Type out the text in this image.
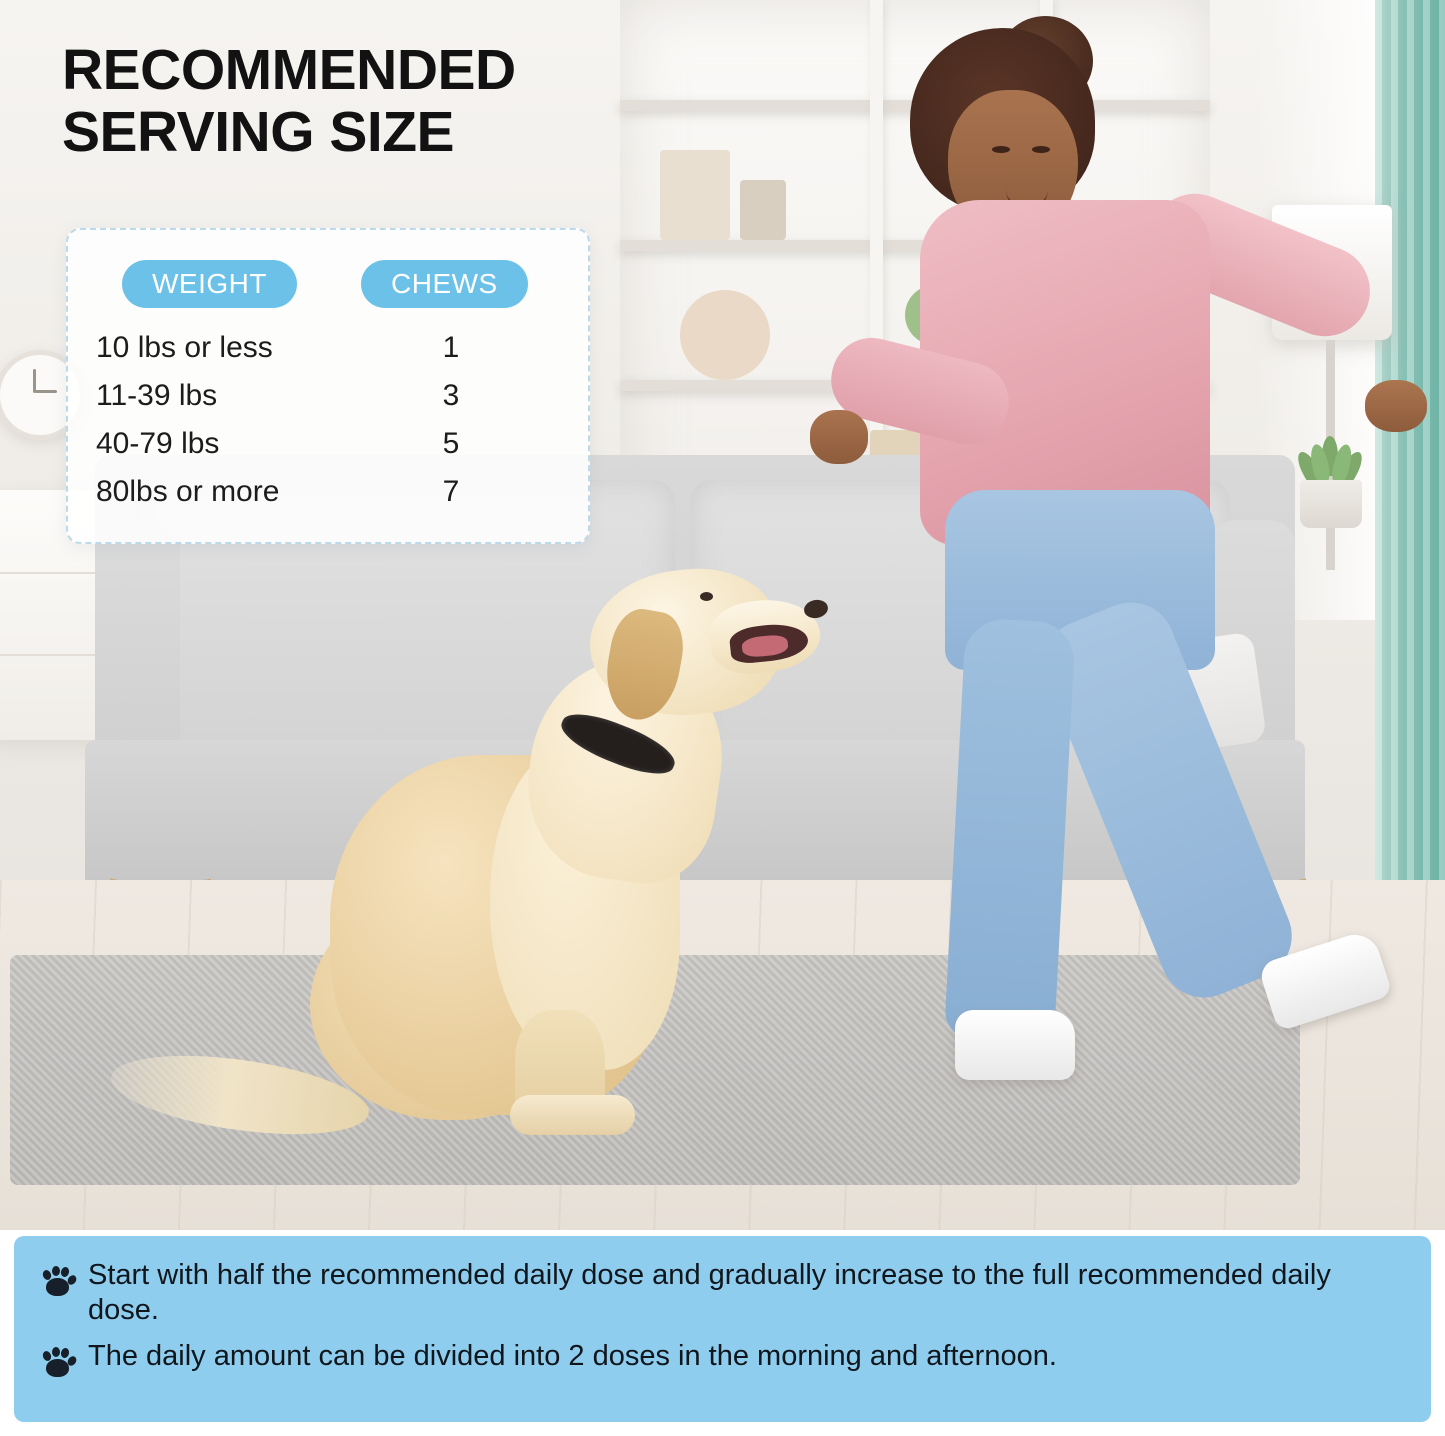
RECOMMENDED SERVING SIZE
WEIGHT	CHEWS
10 lbs or less	1
11-39 lbs	3
40-79 lbs	5
80lbs or more	7
Start with half the recommended daily dose and gradually increase to the full recommended daily dose.
The daily amount can be divided into 2 doses in the morning and afternoon.
